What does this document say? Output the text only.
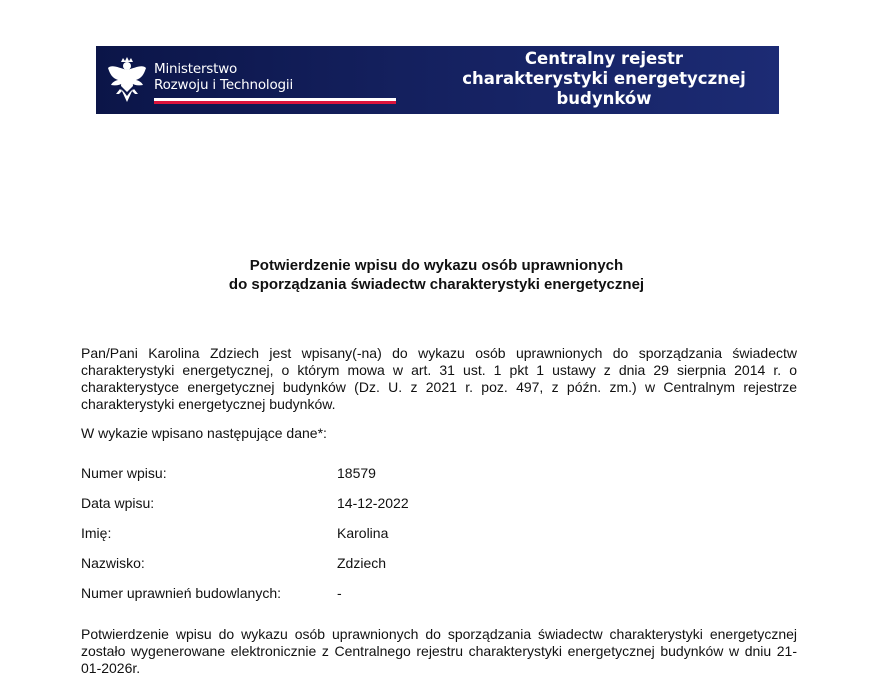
Ministerstwo
Rozwoju i Technologii
Centralny rejestr
charakterystyki energetycznej
budynków
Potwierdzenie wpisu do wykazu osób uprawnionych
do sporządzania świadectw charakterystyki energetycznej
Pan/Pani Karolina Zdziech jest wpisany(-na) do wykazu osób uprawnionych do sporządzania świadectw charakterystyki energetycznej, o którym mowa w art. 31 ust. 1 pkt 1 ustawy z dnia 29 sierpnia 2014 r. o charakterystyce energetycznej budynków (Dz. U. z 2021 r. poz. 497, z późn. zm.) w Centralnym rejestrze charakterystyki energetycznej budynków.
W wykazie wpisano następujące dane*:
Numer wpisu:	18579
Data wpisu:	14-12-2022
Imię:	Karolina
Nazwisko:	Zdziech
Numer uprawnień budowlanych:	-
Potwierdzenie wpisu do wykazu osób uprawnionych do sporządzania świadectw charakterystyki energetycznej zostało wygenerowane elektronicznie z Centralnego rejestru charakterystyki energetycznej budynków w dniu 21-01-2026r.
